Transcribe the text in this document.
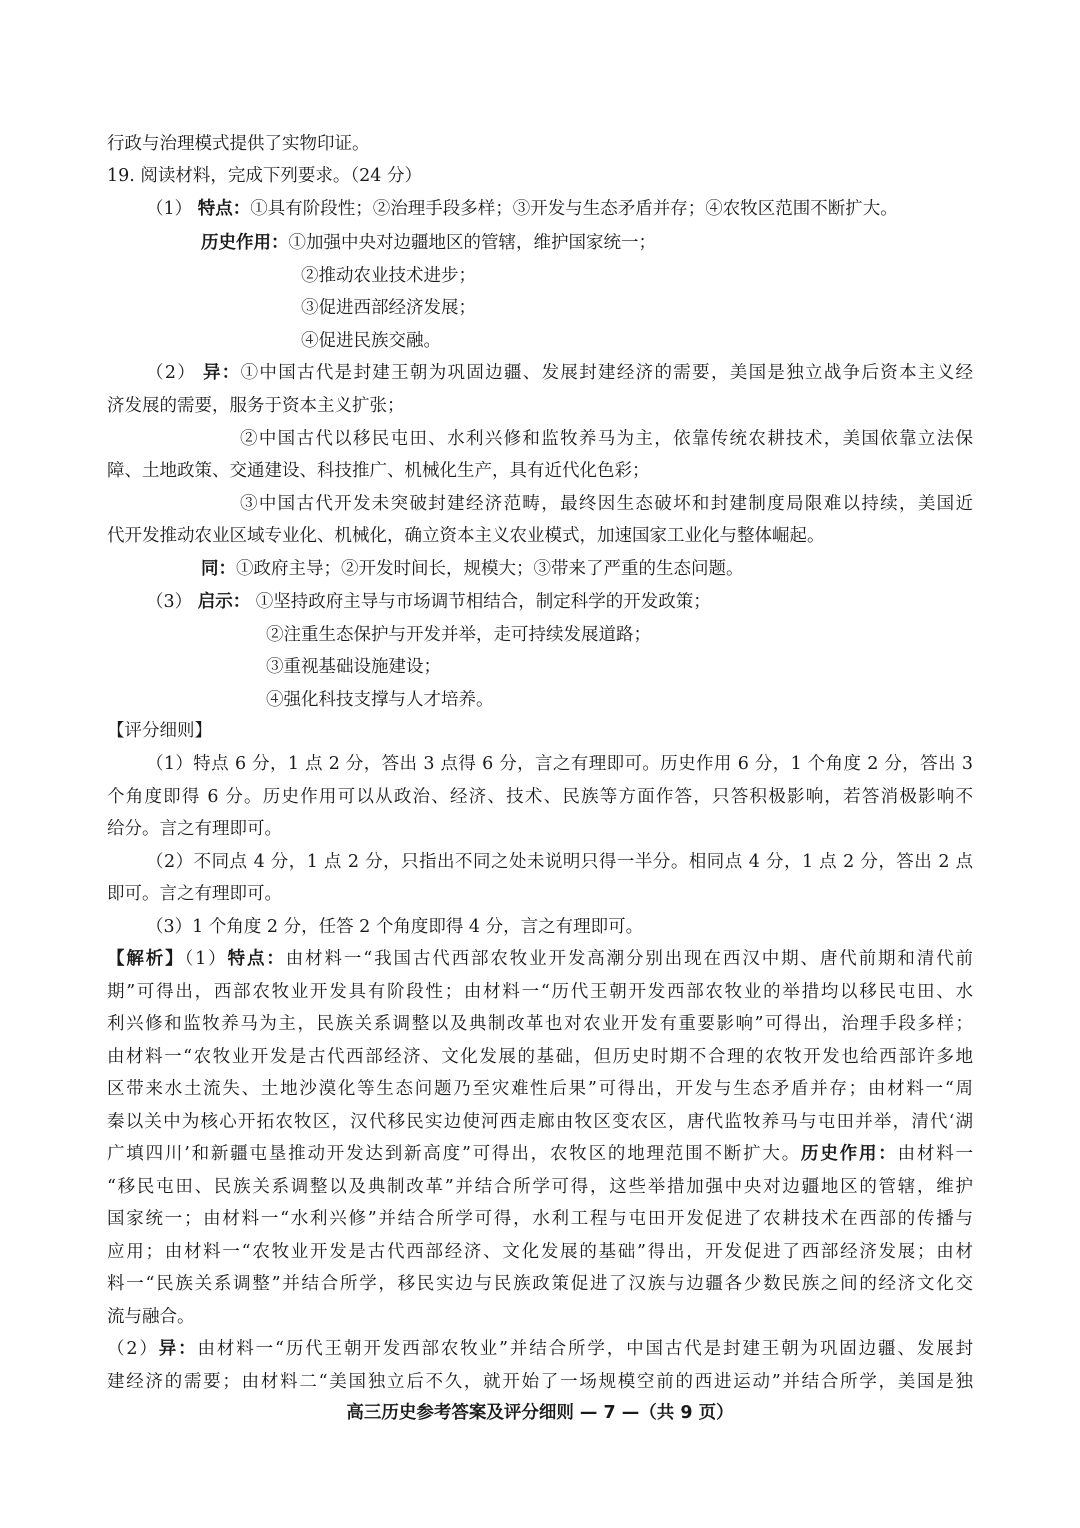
行政与治理模式提供了实物印证。
19. 阅读材料，完成下列要求。（24 分）
（1） 特点：①具有阶段性；②治理手段多样；③开发与生态矛盾并存；④农牧区范围不断扩大。
历史作用：①加强中央对边疆地区的管辖，维护国家统一；
②推动农业技术进步；
③促进西部经济发展；
④促进民族交融。
（2） 异：①中国古代是封建王朝为巩固边疆、发展封建经济的需要，美国是独立战争后资本主义经
济发展的需要，服务于资本主义扩张；
②中国古代以移民屯田、水利兴修和监牧养马为主，依靠传统农耕技术，美国依靠立法保
障、土地政策、交通建设、科技推广、机械化生产，具有近代化色彩；
③中国古代开发未突破封建经济范畴，最终因生态破坏和封建制度局限难以持续，美国近
代开发推动农业区域专业化、机械化，确立资本主义农业模式，加速国家工业化与整体崛起。
同：①政府主导；②开发时间长，规模大；③带来了严重的生态问题。
（3） 启示： ①坚持政府主导与市场调节相结合，制定科学的开发政策；
②注重生态保护与开发并举，走可持续发展道路；
③重视基础设施建设；
④强化科技支撑与人才培养。
【评分细则】
（1）特点 6 分，1 点 2 分，答出 3 点得 6 分，言之有理即可。历史作用 6 分，1 个角度 2 分，答出 3
个角度即得 6 分。历史作用可以从政治、经济、技术、民族等方面作答，只答积极影响，若答消极影响不
给分。言之有理即可。
（2）不同点 4 分，1 点 2 分，只指出不同之处未说明只得一半分。相同点 4 分，1 点 2 分，答出 2 点
即可。言之有理即可。
（3）1 个角度 2 分，任答 2 个角度即得 4 分，言之有理即可。
【解析】（1）特点：由材料一“我国古代西部农牧业开发高潮分别出现在西汉中期、唐代前期和清代前
期”可得出，西部农牧业开发具有阶段性；由材料一“历代王朝开发西部农牧业的举措均以移民屯田、水
利兴修和监牧养马为主，民族关系调整以及典制改革也对农业开发有重要影响”可得出，治理手段多样；
由材料一“农牧业开发是古代西部经济、文化发展的基础，但历史时期不合理的农牧开发也给西部许多地
区带来水土流失、土地沙漠化等生态问题乃至灾难性后果”可得出，开发与生态矛盾并存；由材料一“周
秦以关中为核心开拓农牧区，汉代移民实边使河西走廊由牧区变农区，唐代监牧养马与屯田并举，清代‘湖
广填四川’和新疆屯垦推动开发达到新高度”可得出，农牧区的地理范围不断扩大。历史作用：由材料一
“移民屯田、民族关系调整以及典制改革”并结合所学可得，这些举措加强中央对边疆地区的管辖，维护
国家统一；由材料一“水利兴修”并结合所学可得，水利工程与屯田开发促进了农耕技术在西部的传播与
应用；由材料一“农牧业开发是古代西部经济、文化发展的基础”得出，开发促进了西部经济发展；由材
料一“民族关系调整”并结合所学，移民实边与民族政策促进了汉族与边疆各少数民族之间的经济文化交
流与融合。
（2）异：由材料一“历代王朝开发西部农牧业”并结合所学，中国古代是封建王朝为巩固边疆、发展封
建经济的需要；由材料二“美国独立后不久，就开始了一场规模空前的西进运动”并结合所学，美国是独
高三历史参考答案及评分细则 — 7 —（共 9 页）
